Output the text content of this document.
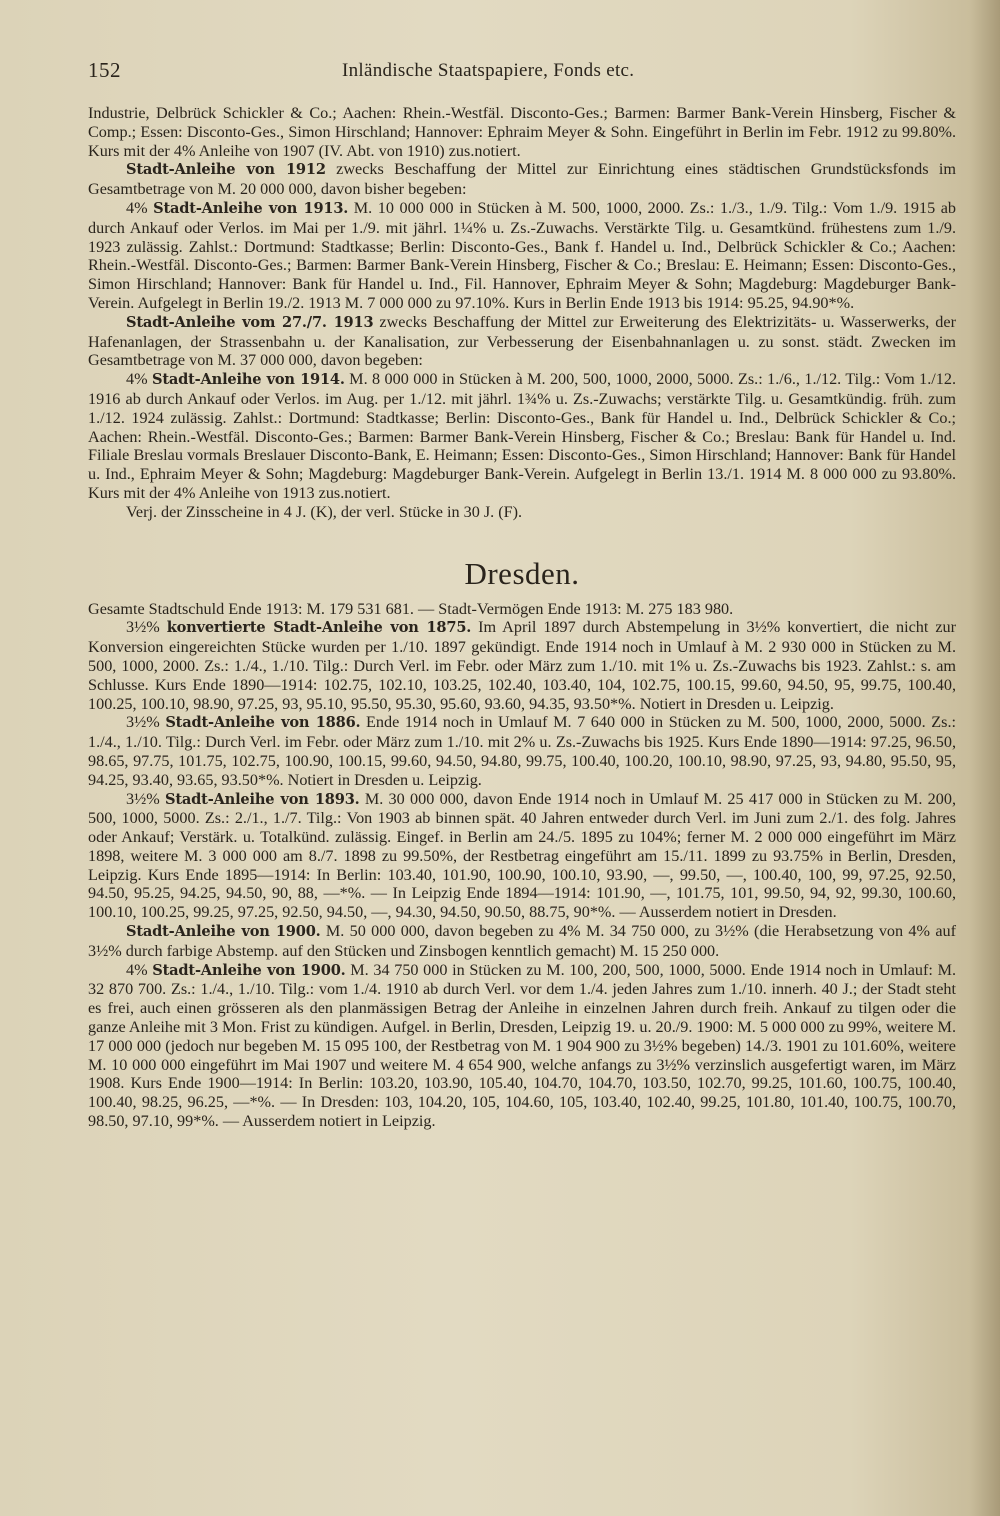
152	Inländische Staatspapiere, Fonds etc.

Industrie, Delbrück Schickler & Co.; Aachen: Rhein.-Westfäl. Disconto-Ges.; Barmen: Barmer Bank-Verein Hinsberg, Fischer & Comp.; Essen: Disconto-Ges., Simon Hirschland; Hannover: Ephraim Meyer & Sohn. Eingeführt in Berlin im Febr. 1912 zu 99.80%. Kurs mit der 4% Anleihe von 1907 (IV. Abt. von 1910) zus.notiert.

Stadt-Anleihe von 1912 zwecks Beschaffung der Mittel zur Einrichtung eines städtischen Grundstücksfonds im Gesamtbetrage von M. 20 000 000, davon bisher begeben:

4% Stadt-Anleihe von 1913. M. 10 000 000 in Stücken à M. 500, 1000, 2000. Zs.: 1./3., 1./9. Tilg.: Vom 1./9. 1915 ab durch Ankauf oder Verlos. im Mai per 1./9. mit jährl. 1¼% u. Zs.-Zuwachs. Verstärkte Tilg. u. Gesamtkünd. frühestens zum 1./9. 1923 zulässig. Zahlst.: Dortmund: Stadtkasse; Berlin: Disconto-Ges., Bank f. Handel u. Ind., Delbrück Schickler & Co.; Aachen: Rhein.-Westfäl. Disconto-Ges.; Barmen: Barmer Bank-Verein Hinsberg, Fischer & Co.; Breslau: E. Heimann; Essen: Disconto-Ges., Simon Hirschland; Hannover: Bank für Handel u. Ind., Fil. Hannover, Ephraim Meyer & Sohn; Magdeburg: Magdeburger Bank-Verein. Aufgelegt in Berlin 19./2. 1913 M. 7 000 000 zu 97.10%. Kurs in Berlin Ende 1913 bis 1914: 95.25, 94.90*%.

Stadt-Anleihe vom 27./7. 1913 zwecks Beschaffung der Mittel zur Erweiterung des Elektrizitäts- u. Wasserwerks, der Hafenanlagen, der Strassenbahn u. der Kanalisation, zur Verbesserung der Eisenbahnanlagen u. zu sonst. städt. Zwecken im Gesamtbetrage von M. 37 000 000, davon begeben:

4% Stadt-Anleihe von 1914. M. 8 000 000 in Stücken à M. 200, 500, 1000, 2000, 5000. Zs.: 1./6., 1./12. Tilg.: Vom 1./12. 1916 ab durch Ankauf oder Verlos. im Aug. per 1./12. mit jährl. 1¾% u. Zs.-Zuwachs; verstärkte Tilg. u. Gesamtkündig. früh. zum 1./12. 1924 zulässig. Zahlst.: Dortmund: Stadtkasse; Berlin: Disconto-Ges., Bank für Handel u. Ind., Delbrück Schickler & Co.; Aachen: Rhein.-Westfäl. Disconto-Ges.; Barmen: Barmer Bank-Verein Hinsberg, Fischer & Co.; Breslau: Bank für Handel u. Ind. Filiale Breslau vormals Breslauer Disconto-Bank, E. Heimann; Essen: Disconto-Ges., Simon Hirschland; Hannover: Bank für Handel u. Ind., Ephraim Meyer & Sohn; Magdeburg: Magdeburger Bank-Verein. Aufgelegt in Berlin 13./1. 1914 M. 8 000 000 zu 93.80%. Kurs mit der 4% Anleihe von 1913 zus.notiert.

Verj. der Zinsscheine in 4 J. (K), der verl. Stücke in 30 J. (F).

Dresden.

Gesamte Stadtschuld Ende 1913: M. 179 531 681. — Stadt-Vermögen Ende 1913: M. 275 183 980.

3½% konvertierte Stadt-Anleihe von 1875. Im April 1897 durch Abstempelung in 3½% konvertiert, die nicht zur Konversion eingereichten Stücke wurden per 1./10. 1897 gekündigt. Ende 1914 noch in Umlauf à M. 2 930 000 in Stücken zu M. 500, 1000, 2000. Zs.: 1./4., 1./10. Tilg.: Durch Verl. im Febr. oder März zum 1./10. mit 1% u. Zs.-Zuwachs bis 1923. Zahlst.: s. am Schlusse. Kurs Ende 1890—1914: 102.75, 102.10, 103.25, 102.40, 103.40, 104, 102.75, 100.15, 99.60, 94.50, 95, 99.75, 100.40, 100.25, 100.10, 98.90, 97.25, 93, 95.10, 95.50, 95.30, 95.60, 93.60, 94.35, 93.50*%. Notiert in Dresden u. Leipzig.

3½% Stadt-Anleihe von 1886. Ende 1914 noch in Umlauf M. 7 640 000 in Stücken zu M. 500, 1000, 2000, 5000. Zs.: 1./4., 1./10. Tilg.: Durch Verl. im Febr. oder März zum 1./10. mit 2% u. Zs.-Zuwachs bis 1925. Kurs Ende 1890—1914: 97.25, 96.50, 98.65, 97.75, 101.75, 102.75, 100.90, 100.15, 99.60, 94.50, 94.80, 99.75, 100.40, 100.20, 100.10, 98.90, 97.25, 93, 94.80, 95.50, 95, 94.25, 93.40, 93.65, 93.50*%. Notiert in Dresden u. Leipzig.

3½% Stadt-Anleihe von 1893. M. 30 000 000, davon Ende 1914 noch in Umlauf M. 25 417 000 in Stücken zu M. 200, 500, 1000, 5000. Zs.: 2./1., 1./7. Tilg.: Von 1903 ab binnen spät. 40 Jahren entweder durch Verl. im Juni zum 2./1. des folg. Jahres oder Ankauf; Verstärk. u. Totalkünd. zulässig. Eingef. in Berlin am 24./5. 1895 zu 104%; ferner M. 2 000 000 eingeführt im März 1898, weitere M. 3 000 000 am 8./7. 1898 zu 99.50%, der Restbetrag eingeführt am 15./11. 1899 zu 93.75% in Berlin, Dresden, Leipzig. Kurs Ende 1895—1914: In Berlin: 103.40, 101.90, 100.90, 100.10, 93.90, —, 99.50, —, 100.40, 100, 99, 97.25, 92.50, 94.50, 95.25, 94.25, 94.50, 90, 88, —*%. — In Leipzig Ende 1894—1914: 101.90, —, 101.75, 101, 99.50, 94, 92, 99.30, 100.60, 100.10, 100.25, 99.25, 97.25, 92.50, 94.50, —, 94.30, 94.50, 90.50, 88.75, 90*%. — Ausserdem notiert in Dresden.

Stadt-Anleihe von 1900. M. 50 000 000, davon begeben zu 4% M. 34 750 000, zu 3½% (die Herabsetzung von 4% auf 3½% durch farbige Abstemp. auf den Stücken und Zinsbogen kenntlich gemacht) M. 15 250 000.

4% Stadt-Anleihe von 1900. M. 34 750 000 in Stücken zu M. 100, 200, 500, 1000, 5000. Ende 1914 noch in Umlauf: M. 32 870 700. Zs.: 1./4., 1./10. Tilg.: vom 1./4. 1910 ab durch Verl. vor dem 1./4. jeden Jahres zum 1./10. innerh. 40 J.; der Stadt steht es frei, auch einen grösseren als den planmässigen Betrag der Anleihe in einzelnen Jahren durch freih. Ankauf zu tilgen oder die ganze Anleihe mit 3 Mon. Frist zu kündigen. Aufgel. in Berlin, Dresden, Leipzig 19. u. 20./9. 1900: M. 5 000 000 zu 99%, weitere M. 17 000 000 (jedoch nur begeben M. 15 095 100, der Restbetrag von M. 1 904 900 zu 3½% begeben) 14./3. 1901 zu 101.60%, weitere M. 10 000 000 eingeführt im Mai 1907 und weitere M. 4 654 900, welche anfangs zu 3½% verzinslich ausgefertigt waren, im März 1908. Kurs Ende 1900—1914: In Berlin: 103.20, 103.90, 105.40, 104.70, 104.70, 103.50, 102.70, 99.25, 101.60, 100.75, 100.40, 100.40, 98.25, 96.25, —*%. — In Dresden: 103, 104.20, 105, 104.60, 105, 103.40, 102.40, 99.25, 101.80, 101.40, 100.75, 100.70, 98.50, 97.10, 99*%. — Ausserdem notiert in Leipzig.
